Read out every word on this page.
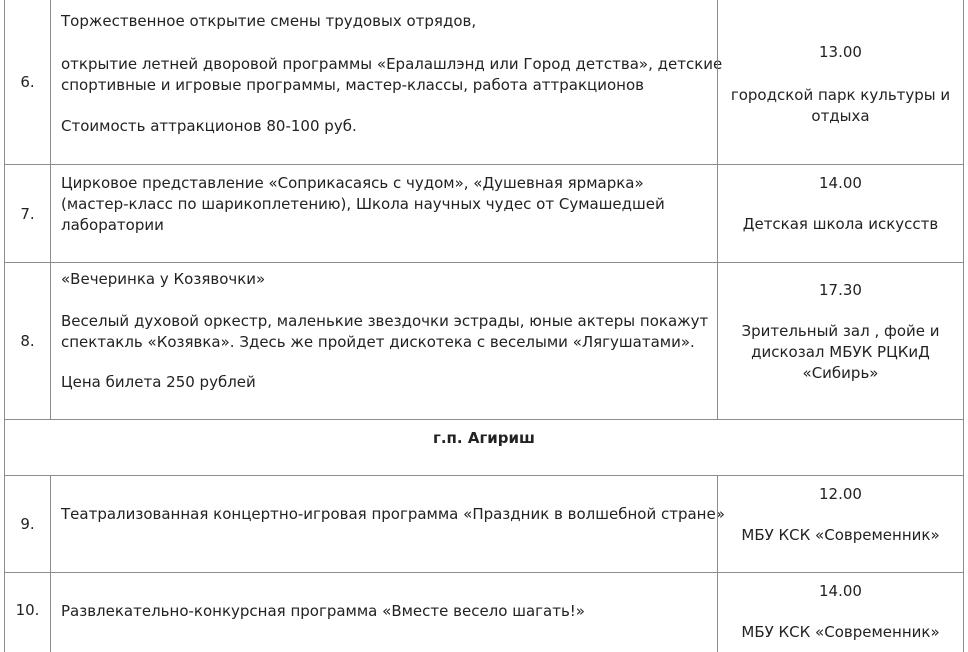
6.
Торжественное открытие смены трудовых отрядов,
открытие летней дворовой программы «Ералашлэнд или Город детства», детские
спортивные и игровые программы, мастер-классы, работа аттракционов
Стоимость аттракционов 80-100 руб.
13.00
городской парк культуры и
отдыха
7.
Цирковое представление «Соприкасаясь с чудом», «Душевная ярмарка»
(мастер-класс по шарикоплетению), Школа научных чудес от Сумашедшей
лаборатории
14.00
Детская школа искусств
8.
«Вечеринка у Козявочки»
Веселый духовой оркестр, маленькие звездочки эстрады, юные актеры покажут
спектакль «Козявка». Здесь же пройдет дискотека с веселыми «Лягушатами».
Цена билета 250 рублей
17.30
Зрительный зал , фойе и
дискозал МБУК РЦКиД
«Сибирь»
г.п. Агириш
9.
Театрализованная концертно-игровая программа «Праздник в волшебной стране»
12.00
МБУ КСК «Современник»
10. Развлекательно-конкурсная программа «Вместе весело шагать!»
14.00
МБУ КСК «Современник»
